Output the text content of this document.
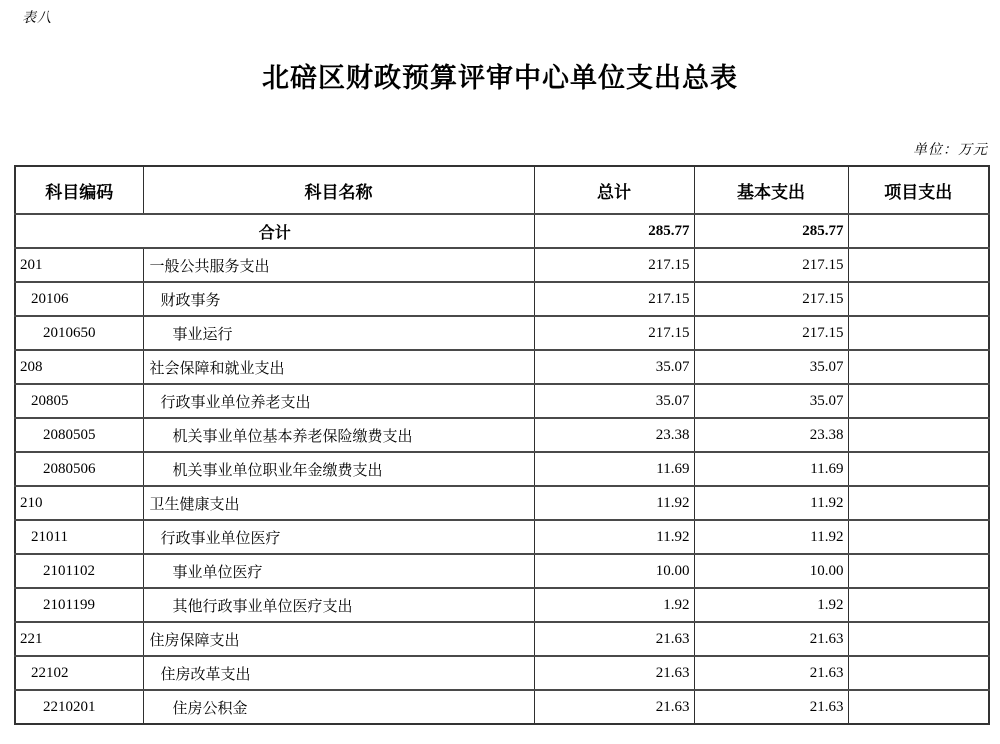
表八
北碚区财政预算评审中心单位支出总表
单位：万元
科目编码	科目名称	总计	基本支出	项目支出
合计		285.77	285.77	
201	一般公共服务支出	217.15	217.15	
20106	财政事务	217.15	217.15	
2010650	事业运行	217.15	217.15	
208	社会保障和就业支出	35.07	35.07	
20805	行政事业单位养老支出	35.07	35.07	
2080505	机关事业单位基本养老保险缴费支出	23.38	23.38	
2080506	机关事业单位职业年金缴费支出	11.69	11.69	
210	卫生健康支出	11.92	11.92	
21011	行政事业单位医疗	11.92	11.92	
2101102	事业单位医疗	10.00	10.00	
2101199	其他行政事业单位医疗支出	1.92	1.92	
221	住房保障支出	21.63	21.63	
22102	住房改革支出	21.63	21.63	
2210201	住房公积金	21.63	21.63	
